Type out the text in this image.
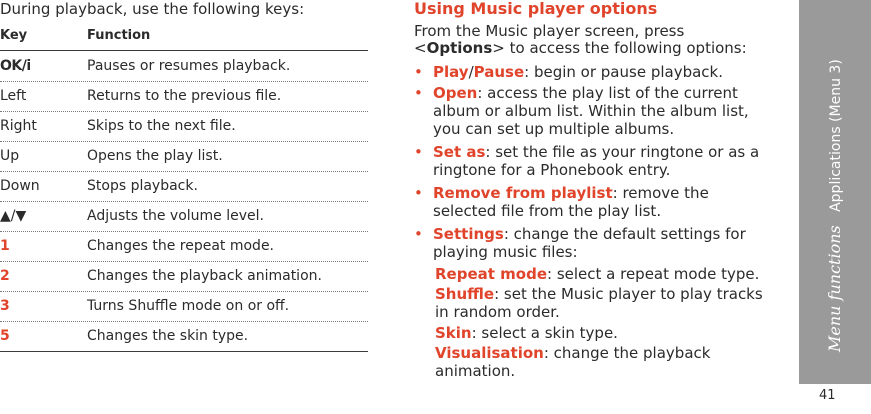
During playback, use the following keys:
Key	Function
OK/i	Pauses or resumes playback.
Left	Returns to the previous file.
Right	Skips to the next file.
Up	Opens the play list.
Down	Stops playback.
▲/▼	Adjusts the volume level.
1	Changes the repeat mode.
2	Changes the playback animation.
3	Turns Shuffle mode on or off.
5	Changes the skin type.
Using Music player options
From the Music player screen, press
<Options> to access the following options:
• Play/Pause: begin or pause playback.
• Open: access the play list of the current album or album list. Within the album list, you can set up multiple albums.
• Set as: set the file as your ringtone or as a ringtone for a Phonebook entry.
• Remove from playlist: remove the selected file from the play list.
• Settings: change the default settings for playing music files:
Repeat mode: select a repeat mode type.
Shuffle: set the Music player to play tracks in random order.
Skin: select a skin type.
Visualisation: change the playback animation.
Menu functions   Applications (Menu 3)
41
